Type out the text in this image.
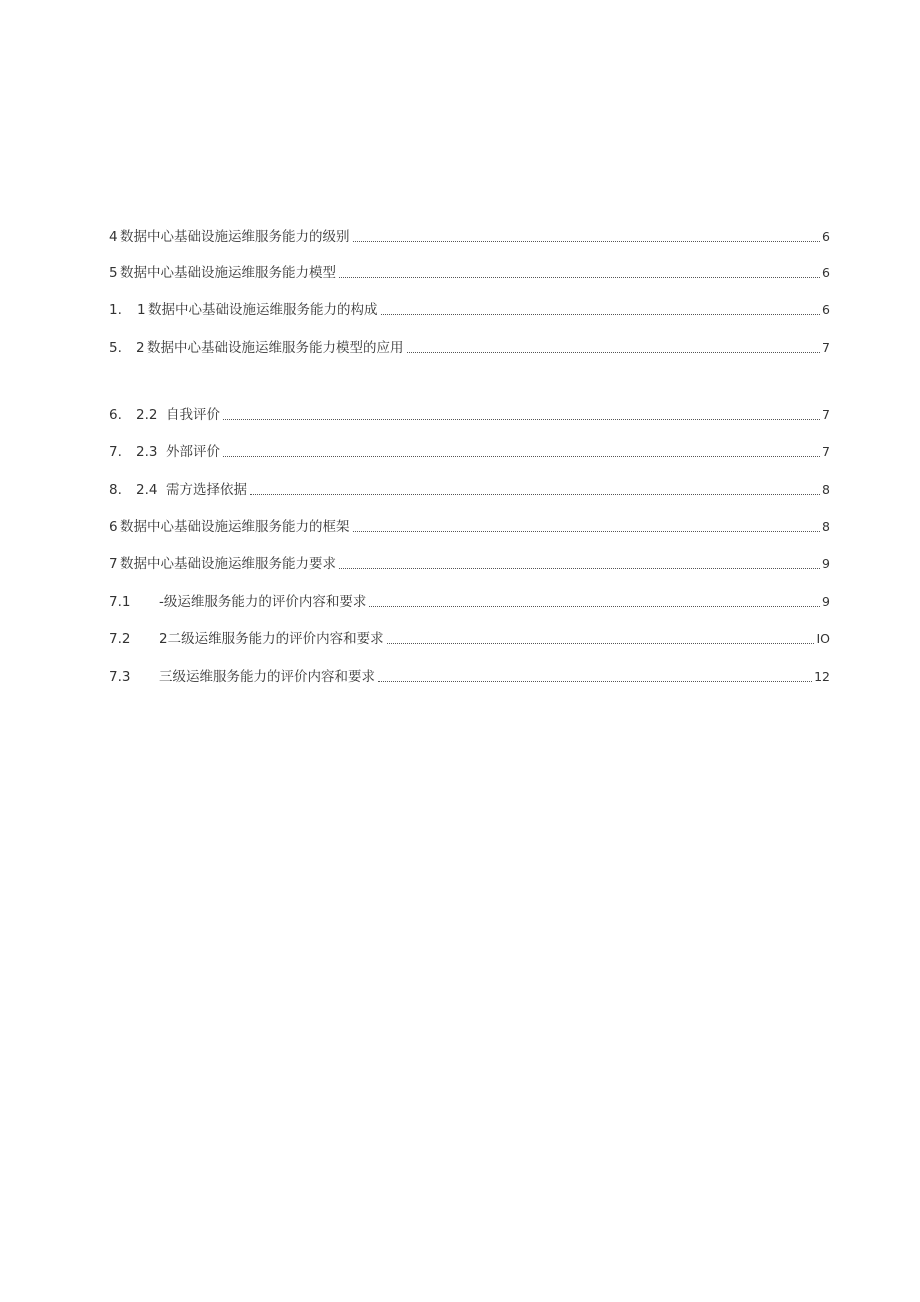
4 数据中心基础设施运维服务能力的级别	6
5 数据中心基础设施运维服务能力模型	6
1.	1 数据中心基础设施运维服务能力的构成	6
5.	2 数据中心基础设施运维服务能力模型的应用	7
6.	2.2 自我评价	7
7.	2.3 外部评价	7
8.	2.4 需方选择依据	8
6 数据中心基础设施运维服务能力的框架	8
7 数据中心基础设施运维服务能力要求	9
7.1	-级运维服务能力的评价内容和要求	9
7.2	2二级运维服务能力的评价内容和要求	IO
7.3	三级运维服务能力的评价内容和要求	12
